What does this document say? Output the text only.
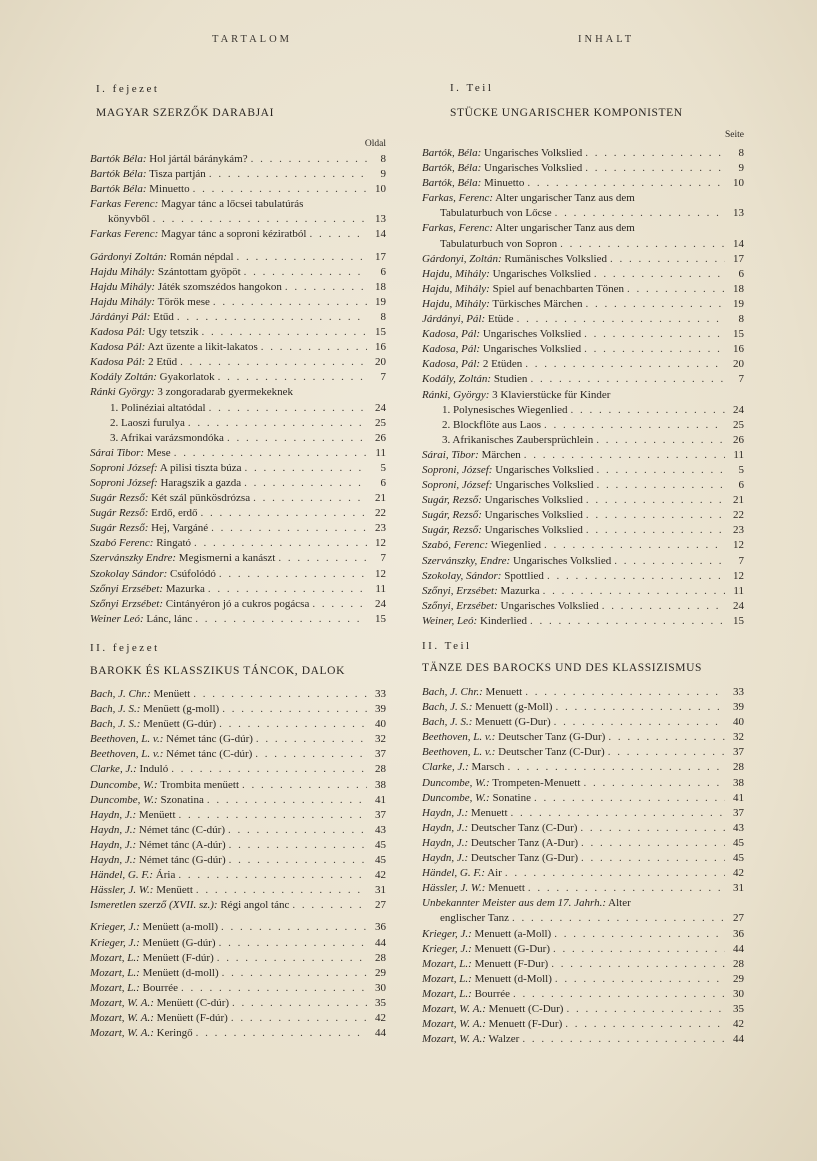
TARTALOM
I. fejezet
MAGYAR SZERZŐK DARABJAI
Oldal
Bartók Béla: Hol jártál báránykám? . . .	8
Bartók Béla: Tisza partján . . .	9
Bartók Béla: Minuetto . . .	10
Farkas Ferenc: Magyar tánc a lőcsei tabulatúrás
könyvből . . .	13
Farkas Ferenc: Magyar tánc a soproni kéziratból . . .	14
Gárdonyi Zoltán: Román népdal . . .	17
Hajdu Mihály: Szántottam gyöpöt . . .	6
Hajdu Mihály: Játék szomszédos hangokon . . .	18
Hajdu Mihály: Török mese . . .	19
Járdányi Pál: Etűd . . .	8
Kadosa Pál: Ugy tetszik . . .	15
Kadosa Pál: Azt üzente a likit-lakatos . . .	16
Kadosa Pál: 2 Etűd . . .	20
Kodály Zoltán: Gyakorlatok . . .	7
Ránki György: 3 zongoradarab gyermekeknek
1. Polinéziai altatódal . . .	24
2. Laoszi furulya . . .	25
3. Afrikai varázsmondóka . . .	26
Sárai Tibor: Mese . . .	11
Soproni József: A pilisi tiszta búza . . .	5
Soproni József: Haragszik a gazda . . .	6
Sugár Rezső: Két szál pünkösdrózsa . . .	21
Sugár Rezső: Erdő, erdő . . .	22
Sugár Rezső: Hej, Vargáné . . .	23
Szabó Ferenc: Ringató . . .	12
Szervánszky Endre: Megismerni a kanászt . . .	7
Szokolay Sándor: Csúfolódó . . .	12
Szőnyi Erzsébet: Mazurka . . .	11
Szőnyi Erzsébet: Cintányéron jó a cukros pogácsa . . .	24
Weiner Leó: Lánc, lánc . . .	15
II. fejezet
BAROKK ÉS KLASSZIKUS TÁNCOK, DALOK
Bach, J. Chr.: Menüett . . .	33
Bach, J. S.: Menüett (g-moll) . . .	39
Bach, J. S.: Menüett (G-dúr) . . .	40
Beethoven, L. v.: Német tánc (G-dúr) . . .	32
Beethoven, L. v.: Német tánc (C-dúr) . . .	37
Clarke, J.: Induló . . .	28
Duncombe, W.: Trombita menüett . . .	38
Duncombe, W.: Szonatina . . .	41
Haydn, J.: Menüett . . .	37
Haydn, J.: Német tánc (C-dúr) . . .	43
Haydn, J.: Német tánc (A-dúr) . . .	45
Haydn, J.: Német tánc (G-dúr) . . .	45
Händel, G. F.: Ária . . .	42
Hässler, J. W.: Menüett . . .	31
Ismeretlen szerző (XVII. sz.): Régi angol tánc . . .	27
Krieger, J.: Menüett (a-moll) . . .	36
Krieger, J.: Menüett (G-dúr) . . .	44
Mozart, L.: Menüett (F-dúr) . . .	28
Mozart, L.: Menüett (d-moll) . . .	29
Mozart, L.: Bourrée . . .	30
Mozart, W. A.: Menüett (C-dúr) . . .	35
Mozart, W. A.: Menüett (F-dúr) . . .	42
Mozart, W. A.: Keringő . . .	44
INHALT
I. Teil
STÜCKE UNGARISCHER KOMPONISTEN
Seite
Bartók, Béla: Ungarisches Volkslied . . .	8
Bartók, Béla: Ungarisches Volkslied . . .	9
Bartók, Béla: Minuetto . . .	10
Farkas, Ferenc: Alter ungarischer Tanz aus dem
Tabulaturbuch von Lőcse . . .	13
Farkas, Ferenc: Alter ungarischer Tanz aus dem
Tabulaturbuch von Sopron . . .	14
Gárdonyi, Zoltán: Rumänisches Volkslied . . .	17
Hajdu, Mihály: Ungarisches Volkslied . . .	6
Hajdu, Mihály: Spiel auf benachbarten Tönen . . .	18
Hajdu, Mihály: Türkisches Märchen . . .	19
Járdányi, Pál: Etüde . . .	8
Kadosa, Pál: Ungarisches Volkslied . . .	15
Kadosa, Pál: Ungarisches Volkslied . . .	16
Kadosa, Pál: 2 Etüden . . .	20
Kodály, Zoltán: Studien . . .	7
Ránki, György: 3 Klavierstücke für Kinder
1. Polynesisches Wiegenlied . . .	24
2. Blockflöte aus Laos . . .	25
3. Afrikanisches Zaubersprüchlein . . .	26
Sárai, Tibor: Märchen . . .	11
Soproni, József: Ungarisches Volkslied . . .	5
Soproni, József: Ungarisches Volkslied . . .	6
Sugár, Rezső: Ungarisches Volkslied . . .	21
Sugár, Rezső: Ungarisches Volkslied . . .	22
Sugár, Rezső: Ungarisches Volkslied . . .	23
Szabó, Ferenc: Wiegenlied . . .	12
Szervánszky, Endre: Ungarisches Volkslied . . .	7
Szokolay, Sándor: Spottlied . . .	12
Szőnyi, Erzsébet: Mazurka . . .	11
Szőnyi, Erzsébet: Ungarisches Volkslied . . .	24
Weiner, Leó: Kinderlied . . .	15
II. Teil
TÄNZE DES BAROCKS UND DES KLASSIZISMUS
Bach, J. Chr.: Menuett . . .	33
Bach, J. S.: Menuett (g-Moll) . . .	39
Bach, J. S.: Menuett (G-Dur) . . .	40
Beethoven, L. v.: Deutscher Tanz (G-Dur) . . .	32
Beethoven, L. v.: Deutscher Tanz (C-Dur) . . .	37
Clarke, J.: Marsch . . .	28
Duncombe, W.: Trompeten-Menuett . . .	38
Duncombe, W.: Sonatine . . .	41
Haydn, J.: Menuett . . .	37
Haydn, J.: Deutscher Tanz (C-Dur) . . .	43
Haydn, J.: Deutscher Tanz (A-Dur) . . .	45
Haydn, J.: Deutscher Tanz (G-Dur) . . .	45
Händel, G. F.: Air . . .	42
Hässler, J. W.: Menuett . . .	31
Unbekannter Meister aus dem 17. Jahrh.: Alter
englischer Tanz . . .	27
Krieger, J.: Menuett (a-Moll) . . .	36
Krieger, J.: Menuett (G-Dur) . . .	44
Mozart, L.: Menuett (F-Dur) . . .	28
Mozart, L.: Menuett (d-Moll) . . .	29
Mozart, L.: Bourrée . . .	30
Mozart, W. A.: Menuett (C-Dur) . . .	35
Mozart, W. A.: Menuett (F-Dur) . . .	42
Mozart, W. A.: Walzer . . .	44
